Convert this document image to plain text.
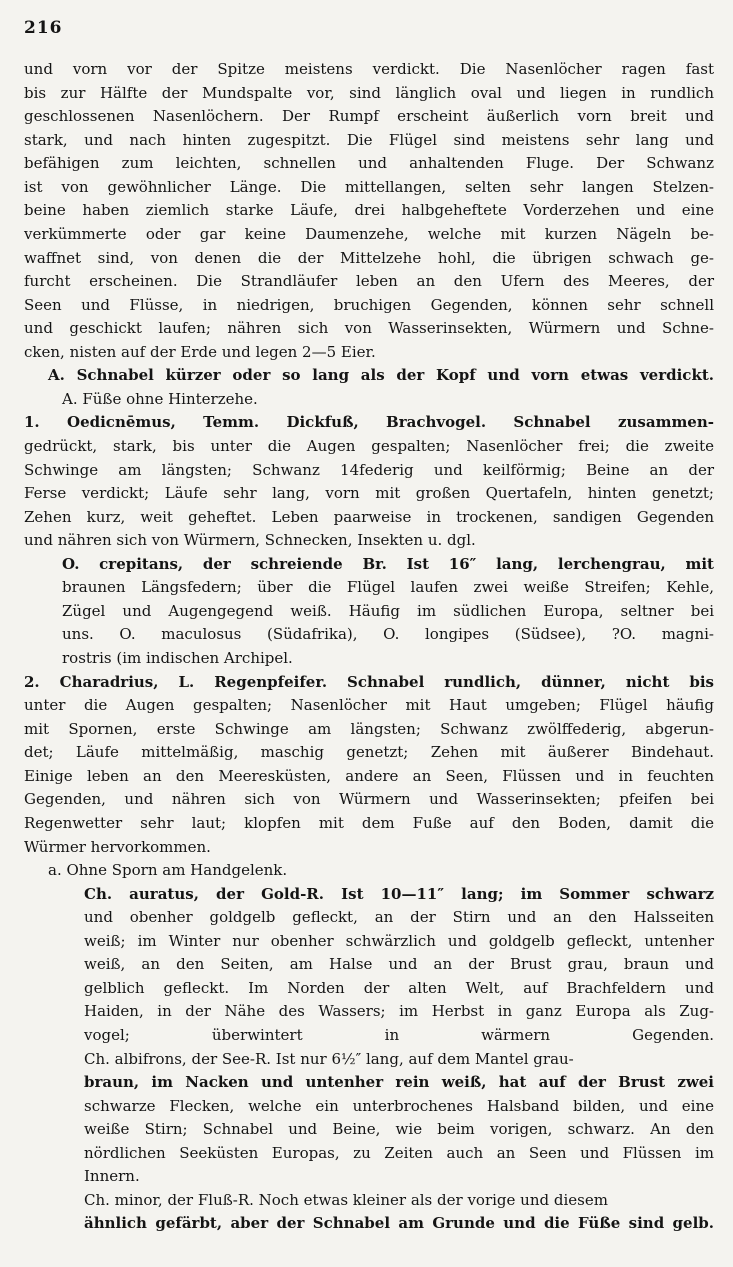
216
und vorn vor der Spitze meistens verdickt. Die Nasenlöcher ragen fast
bis zur Hälfte der Mundspalte vor, sind länglich oval und liegen in rundlich
geschlossenen Nasenlöchern. Der Rumpf erscheint äußerlich vorn breit und
stark, und nach hinten zugespitzt. Die Flügel sind meistens sehr lang und
befähigen zum leichten, schnellen und anhaltenden Fluge. Der Schwanz
ist von gewöhnlicher Länge. Die mittellangen, selten sehr langen Stelzen-
beine haben ziemlich starke Läufe, drei halbgeheftete Vorderzehen und eine
verkümmerte oder gar keine Daumenzehe, welche mit kurzen Nägeln be-
waffnet sind, von denen die der Mittelzehe hohl, die übrigen schwach ge-
furcht erscheinen. Die Strandläufer leben an den Ufern des Meeres, der
Seen und Flüsse, in niedrigen, bruchigen Gegenden, können sehr schnell
und geschickt laufen; nähren sich von Wasserinsekten, Würmern und Schne-
cken, nisten auf der Erde und legen 2—5 Eier.
A. Schnabel kürzer oder so lang als der Kopf und vorn etwas verdickt.
A. Füße ohne Hinterzehe.
1. Oedicnēmus, Temm. Dickfuß, Brachvogel. Schnabel zusammen-
gedrückt, stark, bis unter die Augen gespalten; Nasenlöcher frei; die zweite
Schwinge am längsten; Schwanz 14federig und keilförmig; Beine an der
Ferse verdickt; Läufe sehr lang, vorn mit großen Quertafeln, hinten genetzt;
Zehen kurz, weit geheftet. Leben paarweise in trockenen, sandigen Gegenden
und nähren sich von Würmern, Schnecken, Insekten u. dgl.
O. crepitans, der schreiende Br. Ist 16″ lang, lerchengrau, mit
braunen Längsfedern; über die Flügel laufen zwei weiße Streifen; Kehle,
Zügel und Augengegend weiß. Häufig im südlichen Europa, seltner bei
uns. O. maculosus (Südafrika), O. longipes (Südsee), ?O. magni-
rostris (im indischen Archipel.
2. Charadrius, L. Regenpfeifer. Schnabel rundlich, dünner, nicht bis
unter die Augen gespalten; Nasenlöcher mit Haut umgeben; Flügel häufig
mit Spornen, erste Schwinge am längsten; Schwanz zwölffederig, abgerun-
det; Läufe mittelmäßig, maschig genetzt; Zehen mit äußerer Bindehaut.
Einige leben an den Meeresküsten, andere an Seen, Flüssen und in feuchten
Gegenden, und nähren sich von Würmern und Wasserinsekten; pfeifen bei
Regenwetter sehr laut; klopfen mit dem Fuße auf den Boden, damit die
Würmer hervorkommen.
a. Ohne Sporn am Handgelenk.
Ch. auratus, der Gold-R. Ist 10—11″ lang; im Sommer schwarz
und obenher goldgelb gefleckt, an der Stirn und an den Halsseiten
weiß; im Winter nur obenher schwärzlich und goldgelb gefleckt, untenher
weiß, an den Seiten, am Halse und an der Brust grau, braun und
gelblich gefleckt. Im Norden der alten Welt, auf Brachfeldern und
Haiden, in der Nähe des Wassers; im Herbst in ganz Europa als Zug-
vogel; überwintert in wärmern Gegenden.
Ch. albifrons, der See-R. Ist nur 6½″ lang, auf dem Mantel grau-
braun, im Nacken und untenher rein weiß, hat auf der Brust zwei
schwarze Flecken, welche ein unterbrochenes Halsband bilden, und eine
weiße Stirn; Schnabel und Beine, wie beim vorigen, schwarz. An den
nördlichen Seeküsten Europas, zu Zeiten auch an Seen und Flüssen im
Innern.
Ch. minor, der Fluß-R. Noch etwas kleiner als der vorige und diesem
ähnlich gefärbt, aber der Schnabel am Grunde und die Füße sind gelb.
